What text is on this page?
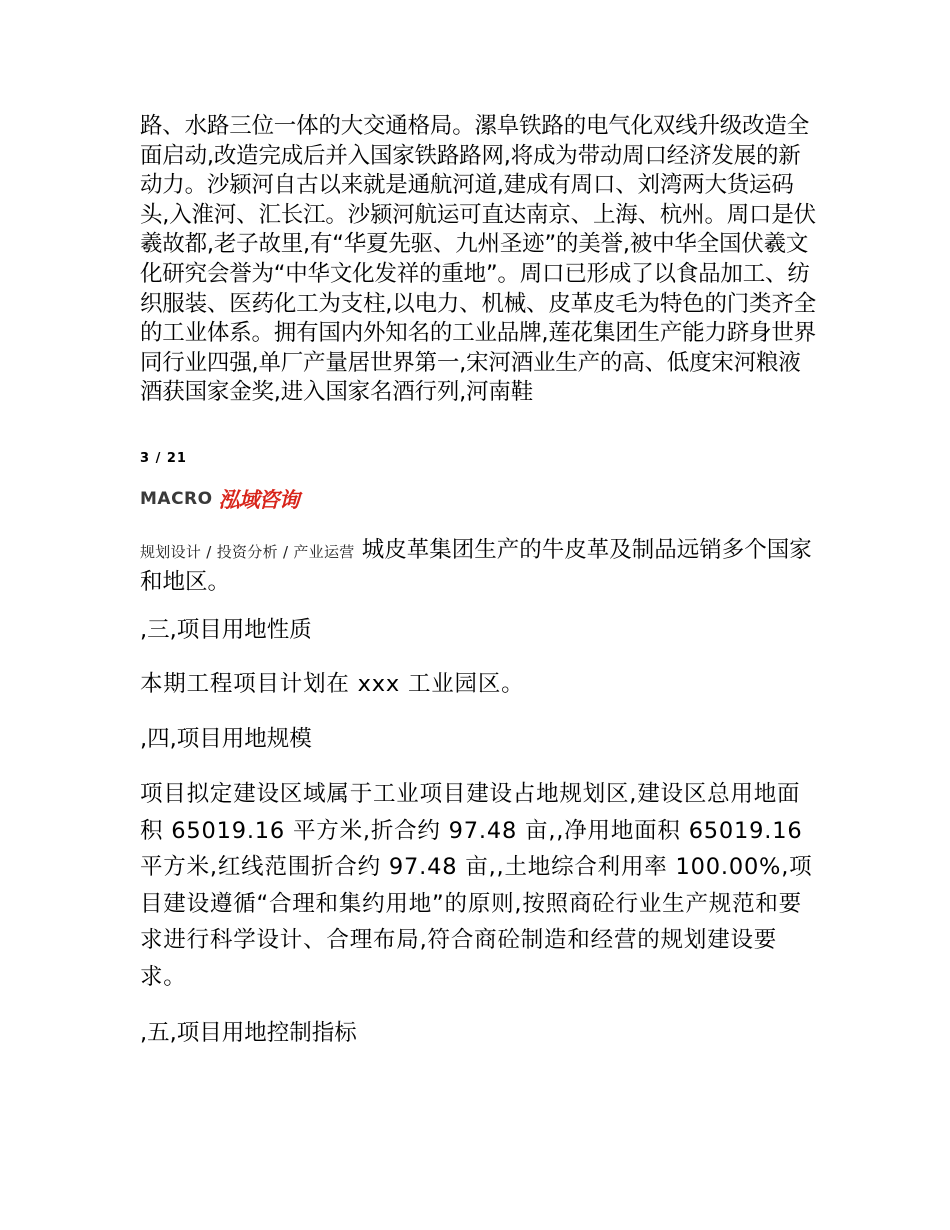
路、水路三位一体的大交通格局。漯阜铁路的电气化双线升级改造全面启动,改造完成后并入国家铁路路网,将成为带动周口经济发展的新动力。沙颍河自古以来就是通航河道,建成有周口、刘湾两大货运码头,入淮河、汇长江。沙颍河航运可直达南京、上海、杭州。周口是伏羲故都,老子故里,有“华夏先驱、九州圣迹”的美誉,被中华全国伏羲文化研究会誉为“中华文化发祥的重地”。周口已形成了以食品加工、纺织服装、医药化工为支柱,以电力、机械、皮革皮毛为特色的门类齐全的工业体系。拥有国内外知名的工业品牌,莲花集团生产能力跻身世界同行业四强,单厂产量居世界第一,宋河酒业生产的高、低度宋河粮液酒获国家金奖,进入国家名酒行列,河南鞋

3 / 21

MACRO 泓域咨询

规划设计 / 投资分析 / 产业运营 城皮革集团生产的牛皮革及制品远销多个国家和地区。

,三,项目用地性质

本期工程项目计划在 xxx 工业园区。

,四,项目用地规模

项目拟定建设区域属于工业项目建设占地规划区,建设区总用地面积 65019.16 平方米,折合约 97.48 亩,,净用地面积 65019.16 平方米,红线范围折合约 97.48 亩,,土地综合利用率 100.00%,项目建设遵循“合理和集约用地”的原则,按照商砼行业生产规范和要求进行科学设计、合理布局,符合商砼制造和经营的规划建设要求。

,五,项目用地控制指标
